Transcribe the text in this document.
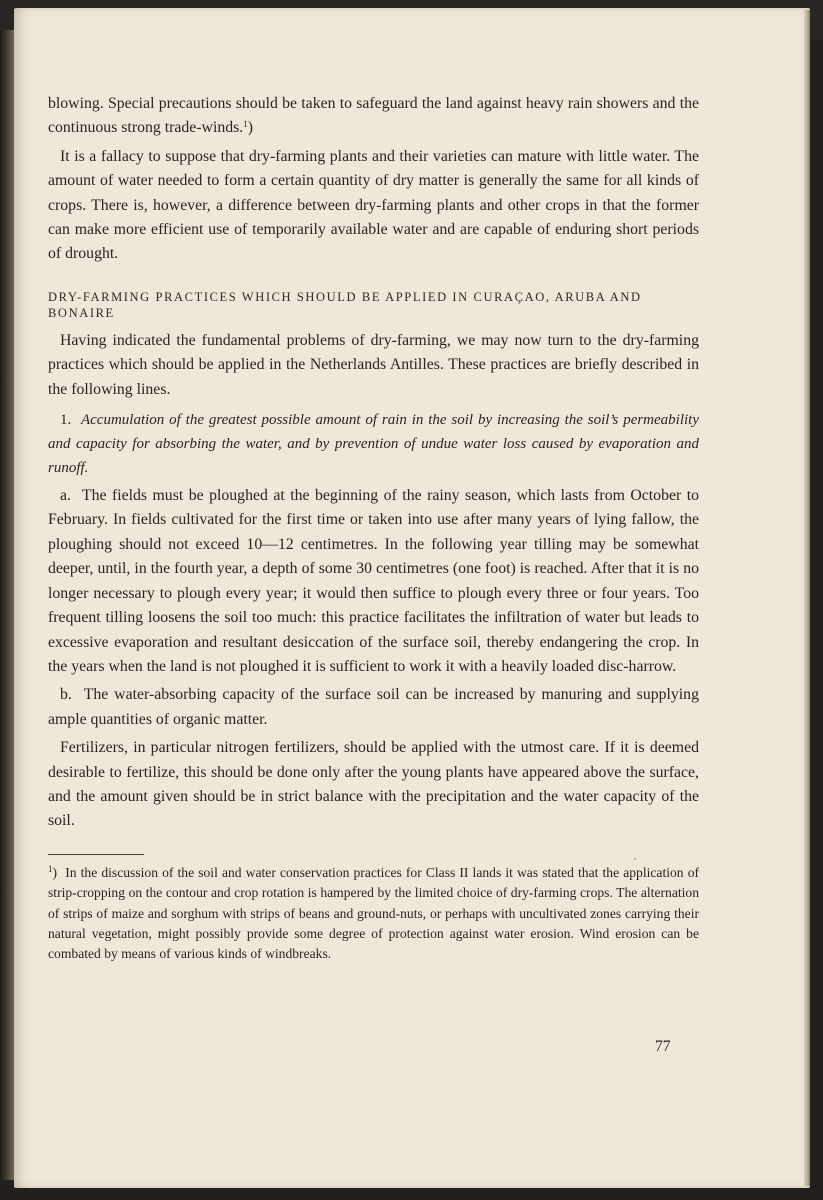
blowing. Special precautions should be taken to safeguard the land against heavy rain showers and the continuous strong trade-winds.$^1$)

It is a fallacy to suppose that dry-farming plants and their varieties can mature with little water. The amount of water needed to form a certain quantity of dry matter is generally the same for all kinds of crops. There is, however, a difference between dry-farming plants and other crops in that the former can make more efficient use of temporarily available water and are capable of enduring short periods of drought.

DRY-FARMING PRACTICES WHICH SHOULD BE APPLIED IN CURAÇAO, ARUBA AND BONAIRE

Having indicated the fundamental problems of dry-farming, we may now turn to the dry-farming practices which should be applied in the Netherlands Antilles. These practices are briefly described in the following lines.

1. Accumulation of the greatest possible amount of rain in the soil by increasing the soil’s permeability and capacity for absorbing the water, and by prevention of undue water loss caused by evaporation and runoff.

a. The fields must be ploughed at the beginning of the rainy season, which lasts from October to February. In fields cultivated for the first time or taken into use after many years of lying fallow, the ploughing should not exceed 10—12 centimetres. In the following year tilling may be somewhat deeper, until, in the fourth year, a depth of some 30 centimetres (one foot) is reached. After that it is no longer necessary to plough every year; it would then suffice to plough every three or four years. Too frequent tilling loosens the soil too much: this practice facilitates the infiltration of water but leads to excessive evaporation and resultant desiccation of the surface soil, thereby endangering the crop. In the years when the land is not ploughed it is sufficient to work it with a heavily loaded disc-harrow.

b. The water-absorbing capacity of the surface soil can be increased by manuring and supplying ample quantities of organic matter.

Fertilizers, in particular nitrogen fertilizers, should be applied with the utmost care. If it is deemed desirable to fertilize, this should be done only after the young plants have appeared above the surface, and the amount given should be in strict balance with the precipitation and the water capacity of the soil.

$^1$) In the discussion of the soil and water conservation practices for Class II lands it was stated that the application of strip-cropping on the contour and crop rotation is hampered by the limited choice of dry-farming crops. The alternation of strips of maize and sorghum with strips of beans and ground-nuts, or perhaps with uncultivated zones carrying their natural vegetation, might possibly provide some degree of protection against water erosion. Wind erosion can be combated by means of various kinds of windbreaks.

77
